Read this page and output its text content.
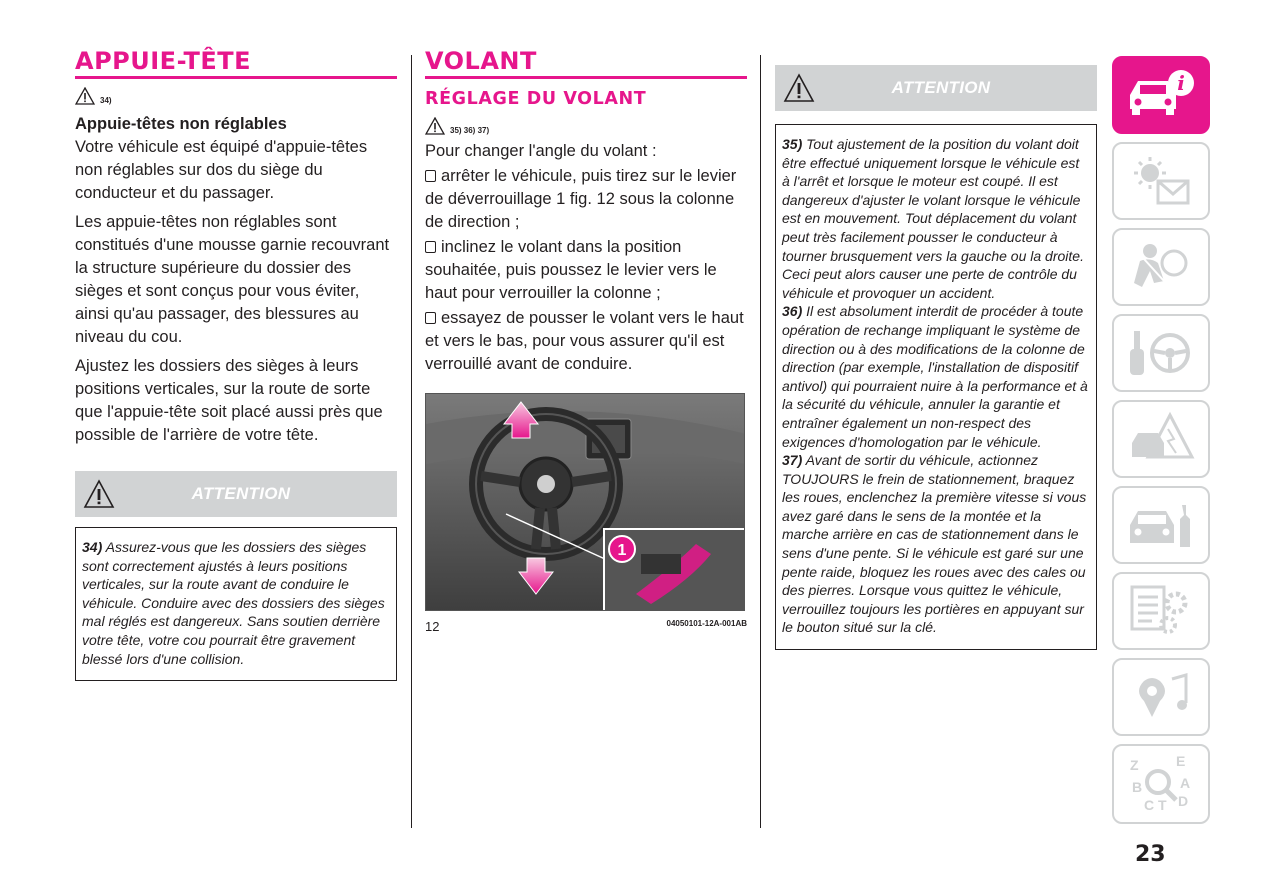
APPUIE-TÊTE
34)
Appuie-têtes non réglables

Votre véhicule est équipé d'appuie-têtes non réglables sur dos du siège du conducteur et du passager.

Les appuie-têtes non réglables sont constitués d'une mousse garnie recouvrant la structure supérieure du dossier des sièges et sont conçus pour vous éviter, ainsi qu'au passager, des blessures au niveau du cou.

Ajustez les dossiers des sièges à leurs positions verticales, sur la route de sorte que l'appuie-tête soit placé aussi près que possible de l'arrière de votre tête.

ATTENTION
34) Assurez-vous que les dossiers des sièges sont correctement ajustés à leurs positions verticales, sur la route avant de conduire le véhicule. Conduire avec des dossiers des sièges mal réglés est dangereux. Sans soutien derrière votre tête, votre cou pourrait être gravement blessé lors d'une collision.
VOLANT
RÉGLAGE DU VOLANT
35) 36) 37)

Pour changer l'angle du volant :

arrêter le véhicule, puis tirez sur le levier de déverrouillage 1 fig. 12 sous la colonne de direction ;

inclinez le volant dans la position souhaitée, puis poussez le levier vers le haut pour verrouiller la colonne ;

essayez de pousser le volant vers le haut et vers le bas, pour vous assurer qu'il est verrouillé avant de conduire.

1
12	04050101-12A-001AB
ATTENTION
35) Tout ajustement de la position du volant doit être effectué uniquement lorsque le véhicule est à l'arrêt et lorsque le moteur est coupé. Il est dangereux d'ajuster le volant lorsque le véhicule est en mouvement. Tout déplacement du volant peut très facilement pousser le conducteur à tourner brusquement vers la gauche ou la droite. Ceci peut alors causer une perte de contrôle du véhicule et provoquer un accident.
36) Il est absolument interdit de procéder à toute opération de rechange impliquant le système de direction ou à des modifications de la colonne de direction (par exemple, l'installation de dispositif antivol) qui pourraient nuire à la performance et à la sécurité du véhicule, annuler la garantie et entraîner également un non-respect des exigences d'homologation par le véhicule.
37) Avant de sortir du véhicule, actionnez TOUJOURS le frein de stationnement, braquez les roues, enclenchez la première vitesse si vous avez garé dans le sens de la montée et la marche arrière en cas de stationnement dans le sens d'une pente. Si le véhicule est garé sur une pente raide, bloquez les roues avec des cales ou des pierres. Lorsque vous quittez le véhicule, verrouillez toujours les portières en appuyant sur le bouton situé sur la clé.
i
Z	E
B	A
C T D
23
